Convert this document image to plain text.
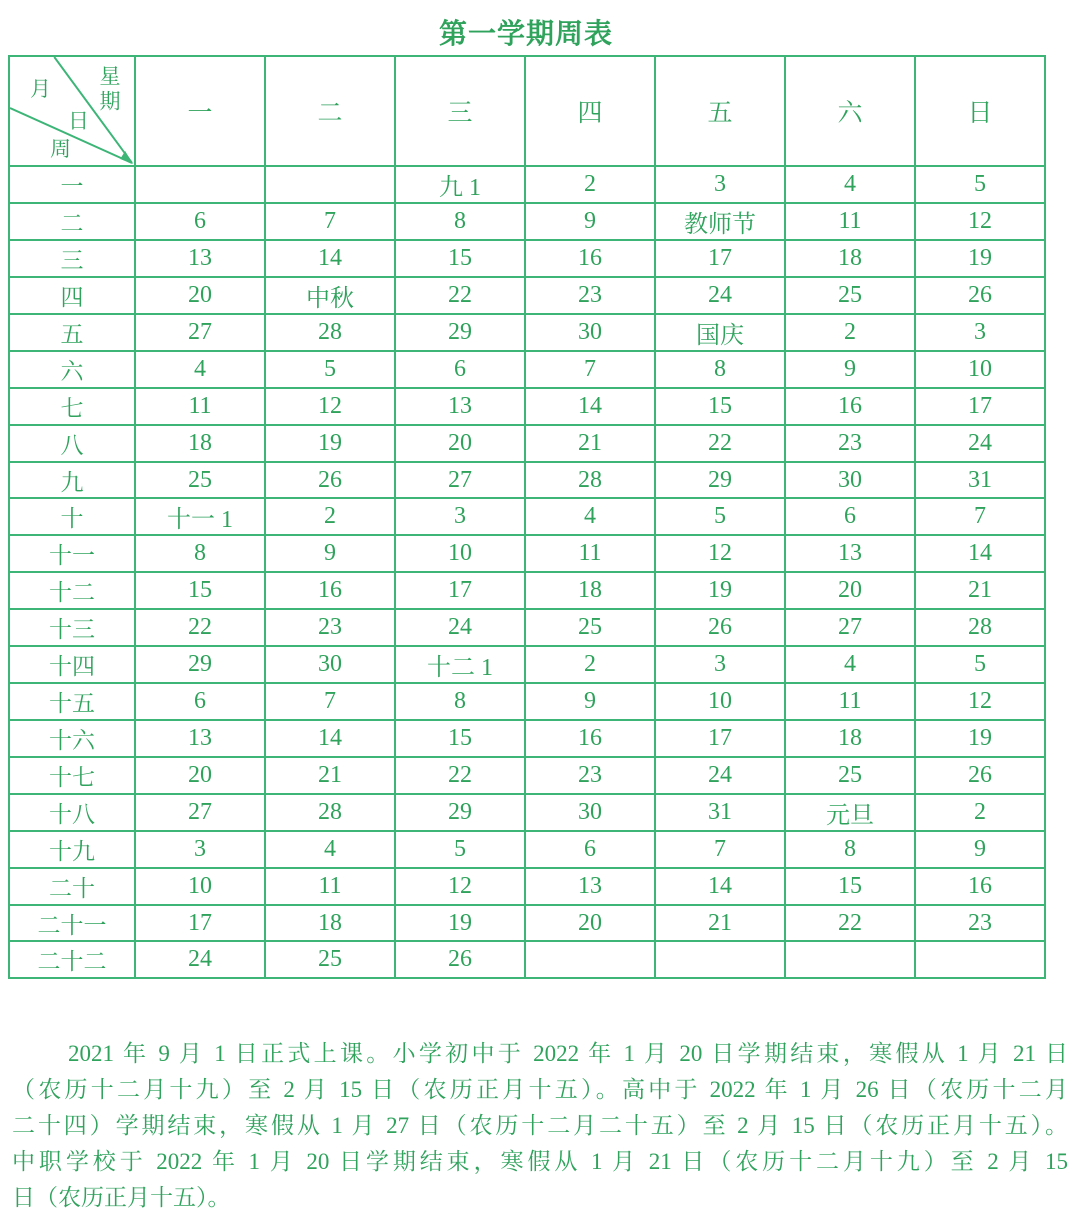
第一学期周表
月 星期
日
周	一	二	三	四	五	六	日
一			九 1	2	3	4	5
二	6	7	8	9	教师节	11	12
三	13	14	15	16	17	18	19
四	20	中秋	22	23	24	25	26
五	27	28	29	30	国庆	2	3
六	4	5	6	7	8	9	10
七	11	12	13	14	15	16	17
八	18	19	20	21	22	23	24
九	25	26	27	28	29	30	31
十	十一 1	2	3	4	5	6	7
十一	8	9	10	11	12	13	14
十二	15	16	17	18	19	20	21
十三	22	23	24	25	26	27	28
十四	29	30	十二 1	2	3	4	5
十五	6	7	8	9	10	11	12
十六	13	14	15	16	17	18	19
十七	20	21	22	23	24	25	26
十八	27	28	29	30	31	元旦	2
十九	3	4	5	6	7	8	9
二十	10	11	12	13	14	15	16
二十一	17	18	19	20	21	22	23
二十二	24	25	26				
2021 年 9 月 1 日正式上课。小学初中于 2022 年 1 月 20 日学期结束，寒假从 1 月 21 日
（农历十二月十九）至 2 月 15 日（农历正月十五）。高中于 2022 年 1 月 26 日（农历十二月
二十四）学期结束，寒假从 1 月 27 日（农历十二月二十五）至 2 月 15 日（农历正月十五）。
中职学校于 2022 年 1 月 20 日学期结束，寒假从 1 月 21 日（农历十二月十九）至 2 月 15
日（农历正月十五）。
